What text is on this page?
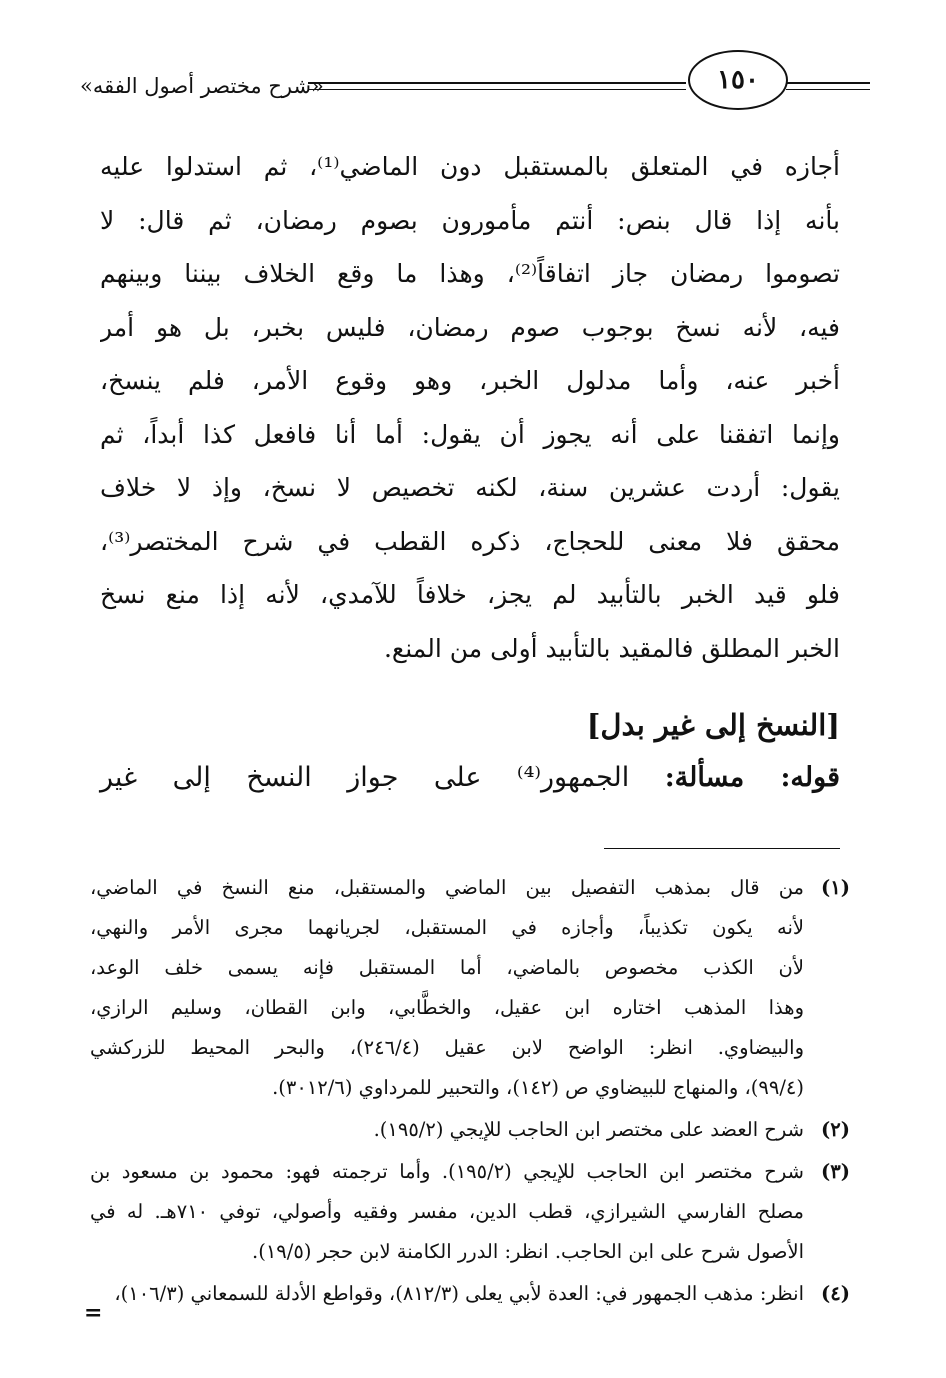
«شرح مختصر أصول الفقه»	١٥٠
أجازه في المتعلق بالمستقبل دون الماضي⁽¹⁾، ثم استدلوا عليه
بأنه إذا قال بنص: أنتم مأمورون بصوم رمضان، ثم قال: لا
تصوموا رمضان جاز اتفاقاً⁽²⁾، وهذا ما وقع الخلاف بيننا وبينهم
فيه، لأنه نسخ بوجوب صوم رمضان، فليس بخبر، بل هو أمر
أخبر عنه، وأما مدلول الخبر، وهو وقوع الأمر، فلم ينسخ،
وإنما اتفقنا على أنه يجوز أن يقول: أما أنا فافعل كذا أبداً، ثم
يقول: أردت عشرين سنة، لكنه تخصيص لا نسخ، وإذ لا خلاف
محقق فلا معنى للحجاج، ذكره القطب في شرح المختصر⁽³⁾،
فلو قيد الخبر بالتأبيد لم يجز، خلافاً للآمدي، لأنه إذا منع نسخ
الخبر المطلق فالمقيد بالتأبيد أولى من المنع.
[النسخ إلى غير بدل]
قوله: مسألة: الجمهور⁽⁴⁾ على جواز النسخ إلى غير
(١)
من قال بمذهب التفصيل بين الماضي والمستقبل، منع النسخ في الماضي،
لأنه يكون تكذيباً، وأجازه في المستقبل، لجريانهما مجرى الأمر والنهي،
لأن الكذب مخصوص بالماضي، أما المستقبل فإنه يسمى خلف الوعد،
وهذا المذهب اختاره ابن عقيل، والخطَّابي، وابن القطان، وسليم الرازي،
والبيضاوي. انظر: الواضح لابن عقيل (٢٤٦/٤)، والبحر المحيط للزركشي
(٩٩/٤)، والمنهاج للبيضاوي ص (١٤٢)، والتحبير للمرداوي (٣٠١٢/٦).
(٢)
شرح العضد على مختصر ابن الحاجب للإيجي (١٩٥/٢).
(٣)
شرح مختصر ابن الحاجب للإيجي (١٩٥/٢). وأما ترجمته فهو: محمود بن مسعود بن
مصلح الفارسي الشيرازي، قطب الدين، مفسر وفقيه وأصولي، توفي ٧١٠هـ. له في
الأصول شرح على ابن الحاجب. انظر: الدرر الكامنة لابن حجر (١٩/٥).
(٤)
انظر: مذهب الجمهور في: العدة لأبي يعلى (٨١٢/٣)، وقواطع الأدلة للسمعاني (١٠٦/٣)،
=
